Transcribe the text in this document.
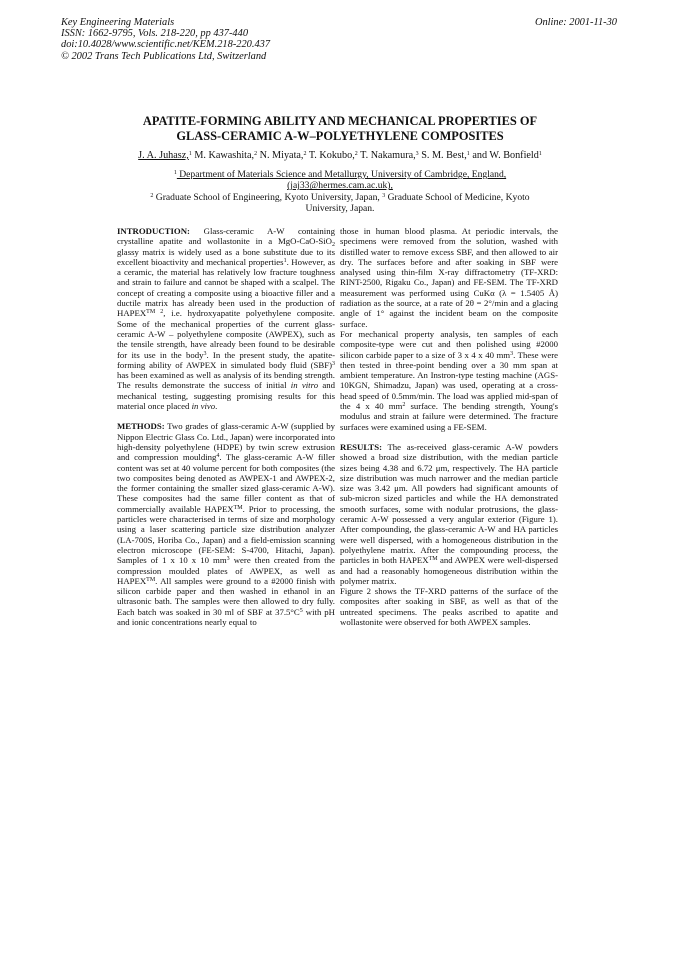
Key Engineering Materials
ISSN: 1662-9795, Vols. 218-220, pp 437-440
doi:10.4028/www.scientific.net/KEM.218-220.437
© 2002 Trans Tech Publications Ltd, Switzerland
Online: 2001-11-30
APATITE-FORMING ABILITY AND MECHANICAL PROPERTIES OF
GLASS-CERAMIC A-W–POLYETHYLENE COMPOSITES
J. A. Juhasz,$^1$ M. Kawashita,$^2$ N. Miyata,$^2$ T. Kokubo,$^2$ T. Nakamura,$^3$ S. M. Best,$^1$ and W. Bonfield$^1$
$^1$ Department of Materials Science and Metallurgy, University of Cambridge, England,
(jaj33@hermes.cam.ac.uk),
$^2$ Graduate School of Engineering, Kyoto University, Japan, $^3$ Graduate School of Medicine, Kyoto
University, Japan.

INTRODUCTION: Glass-ceramic A-W containing crystalline apatite and wollastonite in a MgO-CaO-SiO$_2$ glassy matrix is widely used as a bone substitute due to its excellent bioactivity and mechanical properties$^1$. However, as a ceramic, the material has relatively low fracture toughness and strain to failure and cannot be shaped with a scalpel. The concept of creating a composite using a bioactive filler and a ductile matrix has already been used in the production of $HAPEX^{TM 2}$, i.e. hydroxyapatite polyethylene composite. Some of the mechanical properties of the current glass-ceramic A-W – polyethylene composite (AWPEX), such as the tensile strength, have already been found to be desirable for its use in the body$^3$. In the present study, the apatite-forming ability of AWPEX in simulated body fluid (SBF)$^3$ has been examined as well as analysis of its bending strength. The results demonstrate the success of initial in vitro and mechanical testing, suggesting promising results for this material once placed in vivo.

METHODS: Two grades of glass-ceramic A-W (supplied by Nippon Electric Glass Co. Ltd., Japan) were incorporated into high-density polyethylene (HDPE) by twin screw extrusion and compression moulding$^4$. The glass-ceramic A-W filler content was set at 40 volume percent for both composites (the two composites being denoted as AWPEX-1 and AWPEX-2, the former containing the smaller sized glass-ceramic A-W). These composites had the same filler content as that of commercially available HAPEX™. Prior to processing, the particles were characterised in terms of size and morphology using a laser scattering particle size distribution analyzer (LA-700S, Horiba Co., Japan) and a field-emission scanning electron microscope (FE-SEM: S-4700, Hitachi, Japan). Samples of 1 x 10 x 10 $mm^3$ were then created from the compression moulded plates of AWPEX, as well as HAPEX™. All samples were ground to a #2000 finish with silicon carbide paper and then washed in ethanol in an ultrasonic bath. The samples were then allowed to dry fully. Each batch was soaked in 30 ml of SBF at $37.5^\circ C^5$ with pH and ionic concentrations nearly equal to

those in human blood plasma. At periodic intervals, the specimens were removed from the solution, washed with distilled water to remove excess SBF, and then allowed to air dry. The surfaces before and after soaking in SBF were analysed using thin-film X-ray diffractometry (TF-XRD: RINT-2500, Rigaku Co., Japan) and FE-SEM. The TF-XRD measurement was performed using CuKα (λ = 1.5405 Å) radiation as the source, at a rate of 2θ = 2°/min and a glacing angle of 1° against the incident beam on the composite surface.

For mechanical property analysis, ten samples of each composite-type were cut and then polished using #2000 silicon carbide paper to a size of 3 x 4 x 40 $mm^3$. These were then tested in three-point bending over a 30 mm span at ambient temperature. An Instron-type testing machine (AGS-10KGN, Shimadzu, Japan) was used, operating at a cross-head speed of 0.5mm/min. The load was applied mid-span of the 4 x 40 $mm^2$ surface. The bending strength, Young's modulus and strain at failure were determined. The fracture surfaces were examined using a FE-SEM.

RESULTS: The as-received glass-ceramic A-W powders showed a broad size distribution, with the median particle sizes being 4.38 and 6.72 μm, respectively. The HA particle size distribution was much narrower and the median particle size was 3.42 μm. All powders had significant amounts of sub-micron sized particles and while the HA demonstrated smooth surfaces, some with nodular protrusions, the glass-ceramic A-W possessed a very angular exterior (Figure 1). After compounding, the glass-ceramic A-W and HA particles were well dispersed, with a homogeneous distribution in the polyethylene matrix. After the compounding process, the particles in both HAPEX™ and AWPEX were well-dispersed and had a reasonably homogeneous distribution within the polymer matrix.

Figure 2 shows the TF-XRD patterns of the surface of the composites after soaking in SBF, as well as that of the untreated specimens. The peaks ascribed to apatite and wollastonite were observed for both AWPEX samples.
